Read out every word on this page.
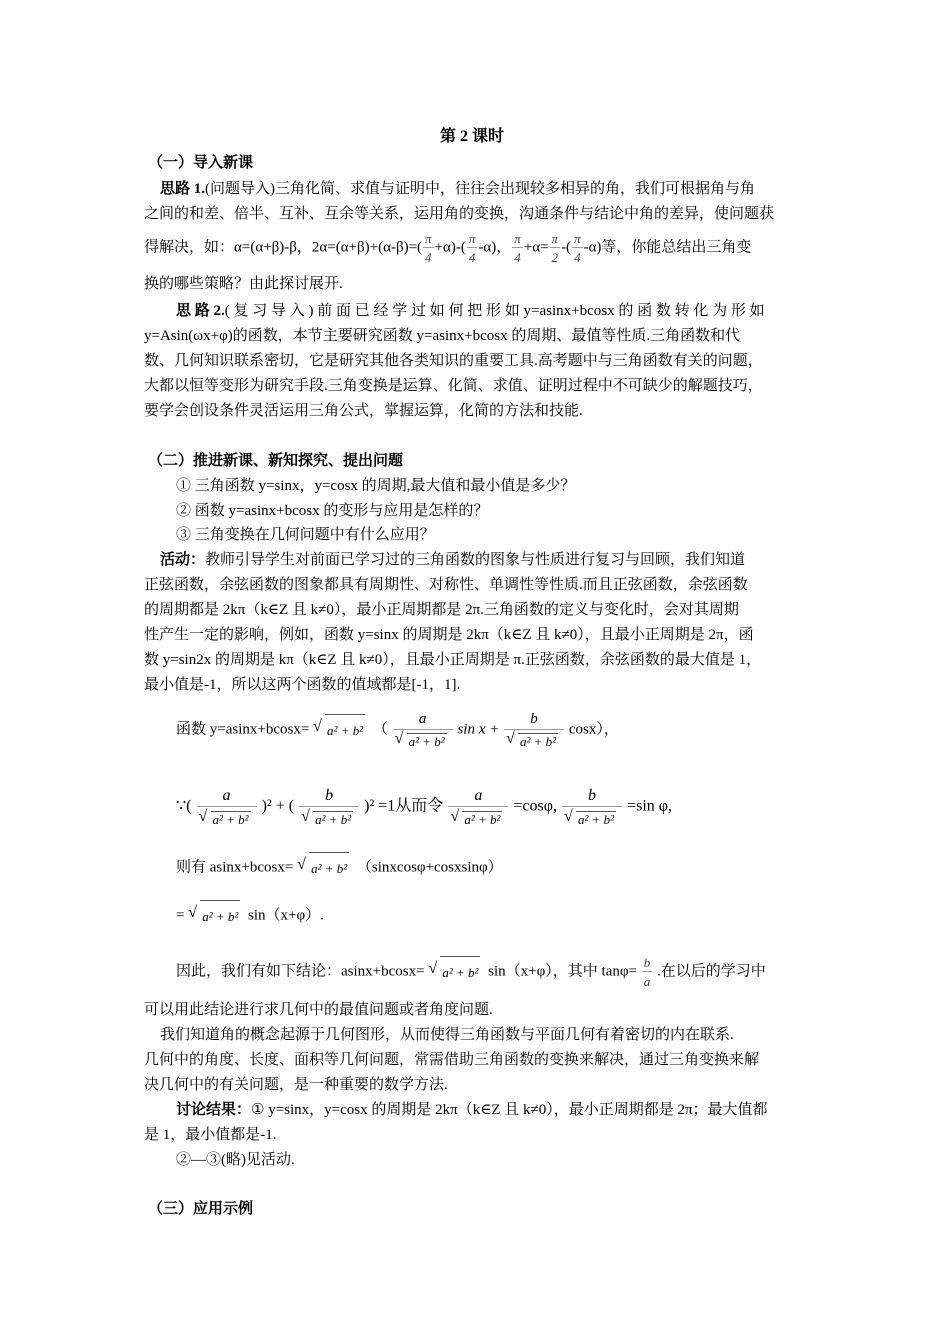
第 2 课时
（一）导入新课
思路 1.(问题导入)三角化简、求值与证明中，往往会出现较多相异的角，我们可根据角与角
之间的和差、倍半、互补、互余等关系，运用角的变换，沟通条件与结论中角的差异，使问题获
得解决，如：α=(α+β)-β，$2\alpha=(\alpha+\beta)+(\alpha-\beta)=( \frac{\pi}{4} +\alpha)-( \frac{\pi}{4} -\alpha)$， $\frac{\pi}{4} +\alpha= \frac{\pi}{2}$ -( $\frac{\pi}{4} -\alpha$)等，你能总结出三角变
换的哪些策略？由此探讨展开.
思 路 2.( 复 习 导 入 ) 前 面 已 经 学 过 如 何 把 形 如 y=asinx+bcosx 的 函 数 转 化 为 形 如
y=Asin(ωx+φ)的函数，本节主要研究函数 y=asinx+bcosx 的周期、最值等性质.三角函数和代
数、几何知识联系密切，它是研究其他各类知识的重要工具.高考题中与三角函数有关的问题，
大都以恒等变形为研究手段.三角变换是运算、化简、求值、证明过程中不可缺少的解题技巧，
要学会创设条件灵活运用三角公式，掌握运算，化简的方法和技能.
（二）推进新课、新知探究、提出问题
① 三角函数 y=sinx，y=cosx 的周期,最大值和最小值是多少？
② 函数 y=asinx+bcosx 的变形与应用是怎样的？
③ 三角变换在几何问题中有什么应用？
活动：教师引导学生对前面已学习过的三角函数的图象与性质进行复习与回顾，我们知道
正弦函数，余弦函数的图象都具有周期性、对称性、单调性等性质.而且正弦函数，余弦函数
的周期都是 2kπ（k∈Z 且 k≠0），最小正周期都是 2π.三角函数的定义与变化时，会对其周期
性产生一定的影响，例如，函数 y=sinx 的周期是 2kπ（k∈Z 且 k≠0），且最小正周期是 2π，函
数 y=sin2x 的周期是 kπ（k∈Z 且 k≠0），且最小正周期是 π.正弦函数，余弦函数的最大值是 1，
最小值是-1，所以这两个函数的值域都是[-1，1].
函数 y=asinx+bcosx= √ a² + b² （ a
√ a² + b² sin x + b
√ a² + b² cosx），
∵( a
√ a² + b² )² + ( b
√ a² + b² )² =1从而令 a
√ a² + b² =cosφ, b
√ a² + b² =sin φ,
则有 asinx+bcosx= √ a² + b² （sinxcosφ+cosxsinφ）
= √ a² + b² sin（x+φ）.
因此，我们有如下结论：asinx+bcosx= √ a² + b² sin（x+φ），其中 $\tan\varphi= \frac{b}{a}$ .在以后的学习中
可以用此结论进行求几何中的最值问题或者角度问题.
我们知道角的概念起源于几何图形，从而使得三角函数与平面几何有着密切的内在联系.
几何中的角度、长度、面积等几何问题，常需借助三角函数的变换来解决，通过三角变换来解
决几何中的有关问题，是一种重要的数学方法.
讨论结果：① y=sinx，y=cosx 的周期是 2kπ（k∈Z 且 k≠0），最小正周期都是 2π；最大值都
是 1，最小值都是-1.
②—③(略)见活动.
（三）应用示例
